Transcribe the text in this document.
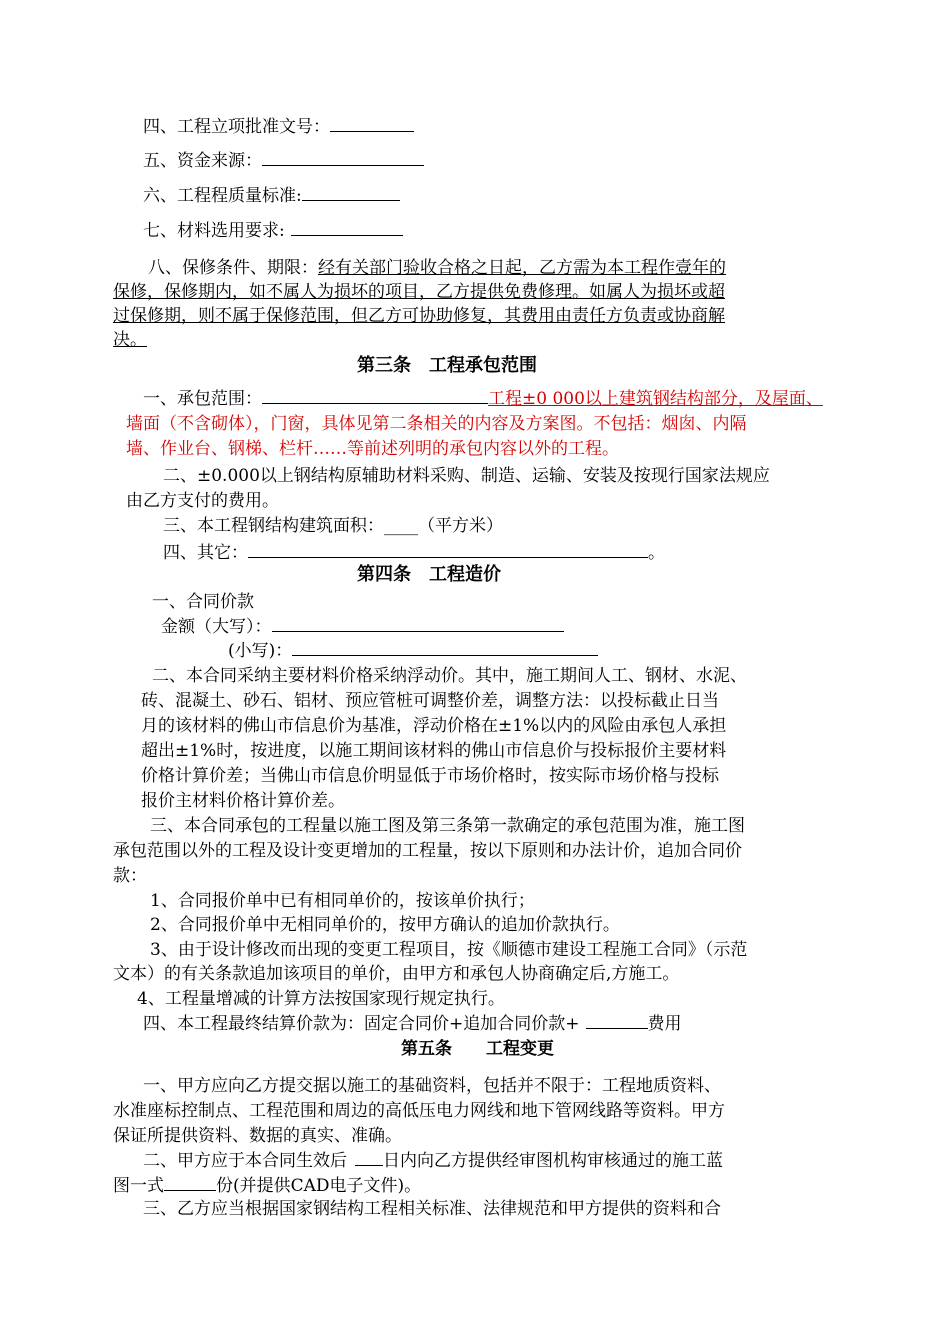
四、工程立项批准文号：
五、资金来源：
六、工程程质量标准:
七、材料选用要求:
八、保修条件、期限：经有关部门验收合格之日起，乙方需为本工程作壹年的
保修，保修期内，如不属人为损坏的项目，乙方提供免费修理。如属人为损坏或超
过保修期，则不属于保修范围，但乙方可协助修复，其费用由责任方负责或协商解
决。
第三条　工程承包范围
一、承包范围：	工程±0 000以上建筑钢结构部分，及屋面、
墙面（不含砌体），门窗，具体见第二条相关的内容及方案图。不包括：烟囱、内隔
墙、作业台、钢梯、栏杆……等前述列明的承包内容以外的工程。
二、±0.000以上钢结构原辅助材料采购、制造、运输、安装及按现行国家法规应
由乙方支付的费用。
三、本工程钢结构建筑面积：____（平方米）
四、其它：	。
第四条　工程造价
一、合同价款
金额（大写）：
(小写)：
二、本合同采纳主要材料价格采纳浮动价。其中，施工期间人工、钢材、水泥、
砖、混凝土、砂石、铝材、预应管桩可调整价差，调整方法：以投标截止日当
月的该材料的佛山市信息价为基准，浮动价格在±1%以内的风险由承包人承担
超出±1%时，按进度，以施工期间该材料的佛山市信息价与投标报价主要材料
价格计算价差；当佛山市信息价明显低于市场价格时，按实际市场价格与投标
报价主材料价格计算价差。
三、本合同承包的工程量以施工图及第三条第一款确定的承包范围为准，施工图
承包范围以外的工程及设计变更增加的工程量，按以下原则和办法计价，追加合同价
款：
1、合同报价单中已有相同单价的，按该单价执行；
2、合同报价单中无相同单价的，按甲方确认的追加价款执行。
3、由于设计修改而出现的变更工程项目，按《顺德市建设工程施工合同》（示范
文本）的有关条款追加该项目的单价，由甲方和承包人协商确定后,方施工。
4、工程量增减的计算方法按国家现行规定执行。
四、本工程最终结算价款为：固定合同价+追加合同价款+	费用
第五条　　工程变更
一、甲方应向乙方提交据以施工的基础资料，包括并不限于：工程地质资料、
水准座标控制点、工程范围和周边的高低压电力网线和地下管网线路等资料。甲方
保证所提供资料、数据的真实、准确。
二、甲方应于本合同生效后 日内向乙方提供经审图机构审核通过的施工蓝
图一式	份(并提供CAD电子文件)。
三、乙方应当根据国家钢结构工程相关标准、法律规范和甲方提供的资料和合
